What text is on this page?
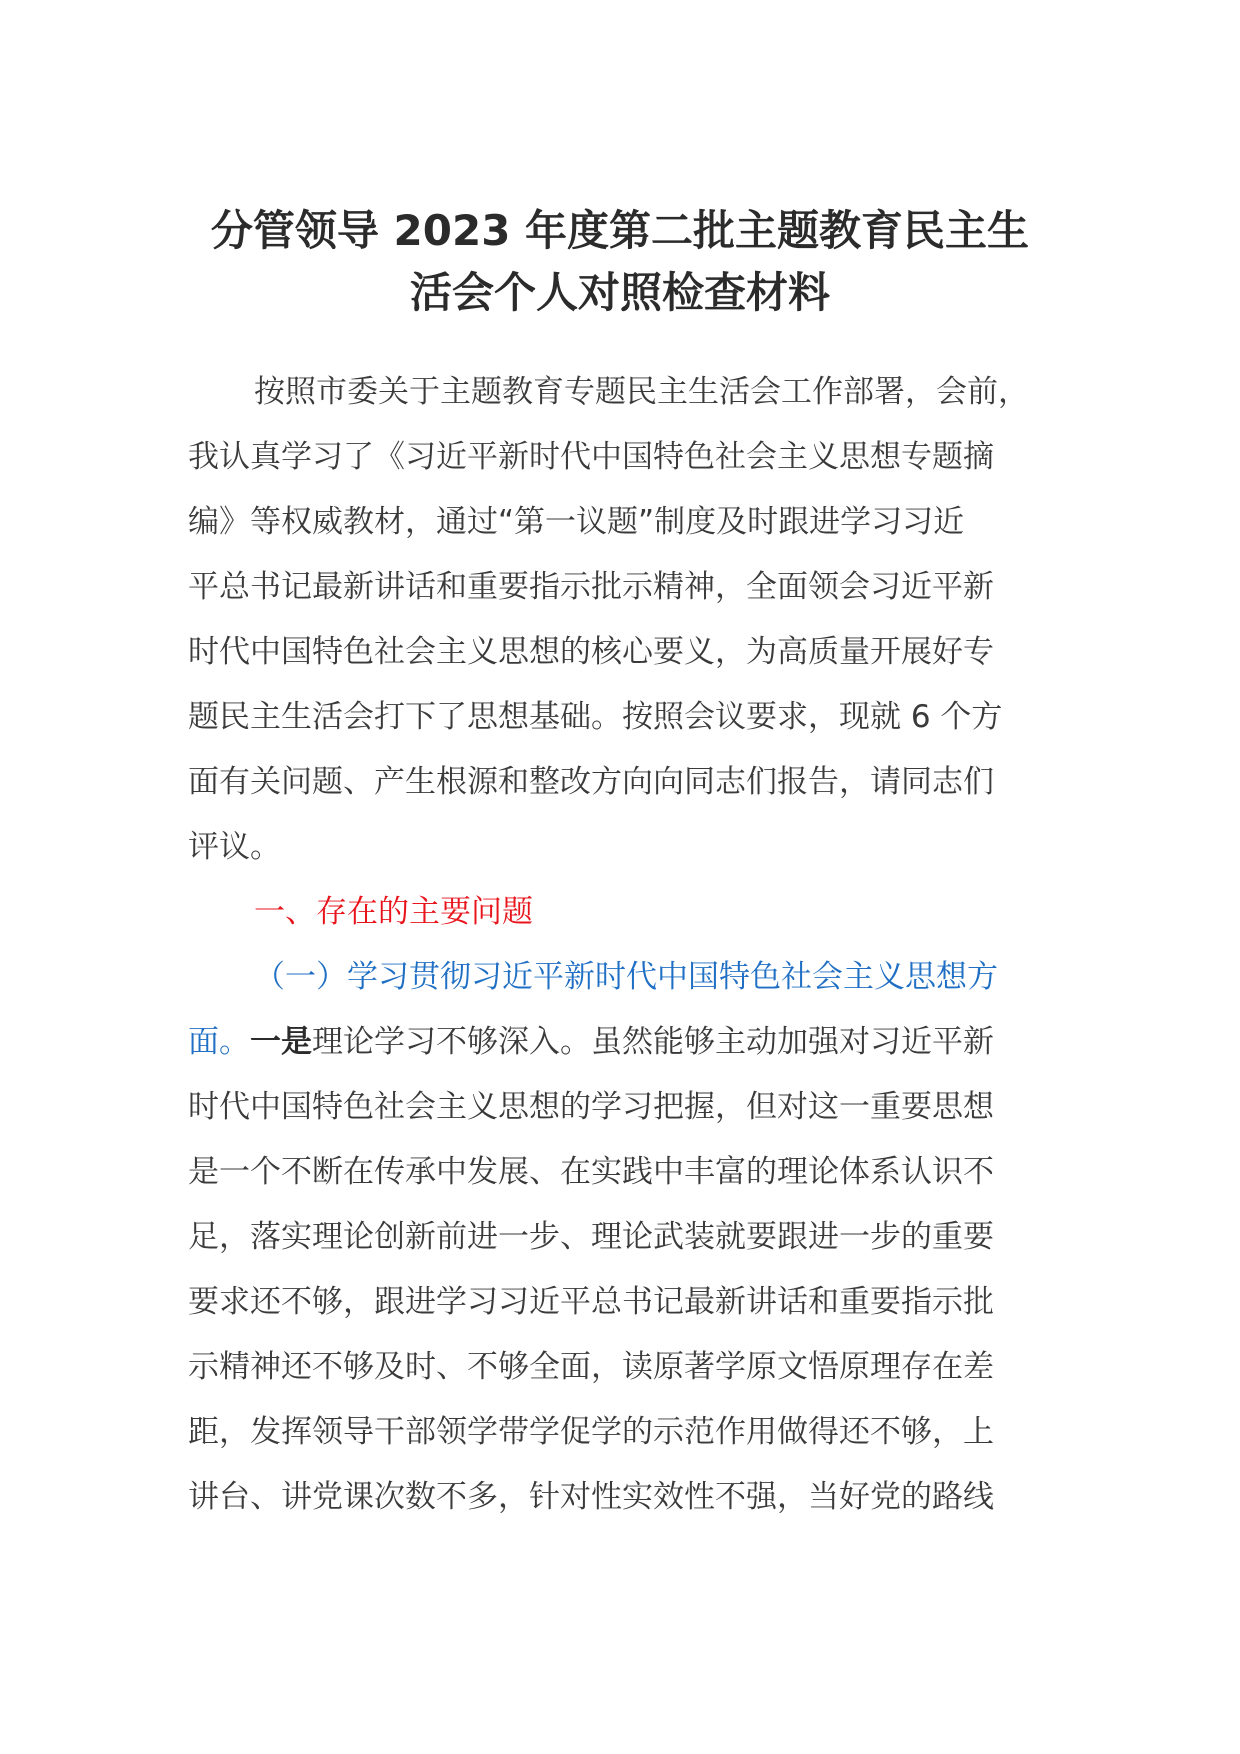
分管领导 2023 年度第二批主题教育民主生
活会个人对照检查材料
按照市委关于主题教育专题民主生活会工作部署，会前，
我认真学习了《习近平新时代中国特色社会主义思想专题摘
编》等权威教材，通过“第一议题”制度及时跟进学习习近
平总书记最新讲话和重要指示批示精神，全面领会习近平新
时代中国特色社会主义思想的核心要义，为高质量开展好专
题民主生活会打下了思想基础。按照会议要求，现就 6 个方
面有关问题、产生根源和整改方向向同志们报告，请同志们
评议。
一、存在的主要问题
（一）学习贯彻习近平新时代中国特色社会主义思想方
面。一是理论学习不够深入。虽然能够主动加强对习近平新
时代中国特色社会主义思想的学习把握，但对这一重要思想
是一个不断在传承中发展、在实践中丰富的理论体系认识不
足，落实理论创新前进一步、理论武装就要跟进一步的重要
要求还不够，跟进学习习近平总书记最新讲话和重要指示批
示精神还不够及时、不够全面，读原著学原文悟原理存在差
距，发挥领导干部领学带学促学的示范作用做得还不够，上
讲台、讲党课次数不多，针对性实效性不强，当好党的路线
